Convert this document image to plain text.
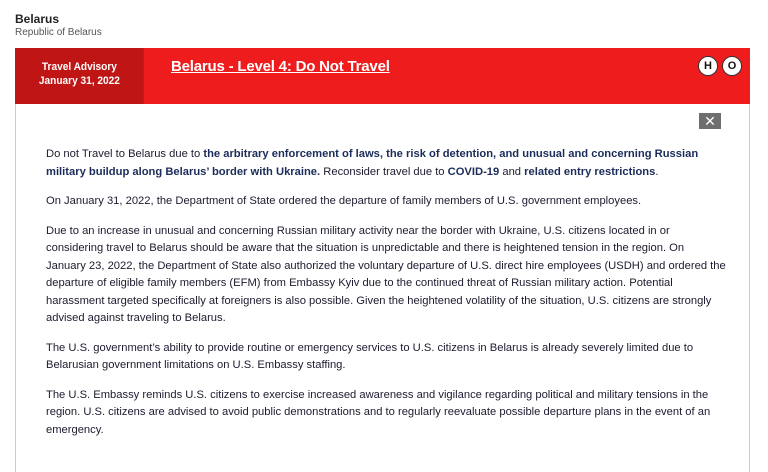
Belarus
Republic of Belarus
Travel Advisory
January 31, 2022
Belarus - Level 4: Do Not Travel	H	O
✕

Do not Travel to Belarus due to the arbitrary enforcement of laws, the risk of detention, and unusual and concerning Russian military buildup along Belarus’ border with Ukraine. Reconsider travel due to COVID-19 and related entry restrictions.

On January 31, 2022, the Department of State ordered the departure of family members of U.S. government employees.

Due to an increase in unusual and concerning Russian military activity near the border with Ukraine, U.S. citizens located in or considering travel to Belarus should be aware that the situation is unpredictable and there is heightened tension in the region. On January 23, 2022, the Department of State also authorized the voluntary departure of U.S. direct hire employees (USDH) and ordered the departure of eligible family members (EFM) from Embassy Kyiv due to the continued threat of Russian military action. Potential harassment targeted specifically at foreigners is also possible. Given the heightened volatility of the situation, U.S. citizens are strongly advised against traveling to Belarus.

The U.S. government’s ability to provide routine or emergency services to U.S. citizens in Belarus is already severely limited due to Belarusian government limitations on U.S. Embassy staffing.

The U.S. Embassy reminds U.S. citizens to exercise increased awareness and vigilance regarding political and military tensions in the region. U.S. citizens are advised to avoid public demonstrations and to regularly reevaluate possible departure plans in the event of an emergency.
